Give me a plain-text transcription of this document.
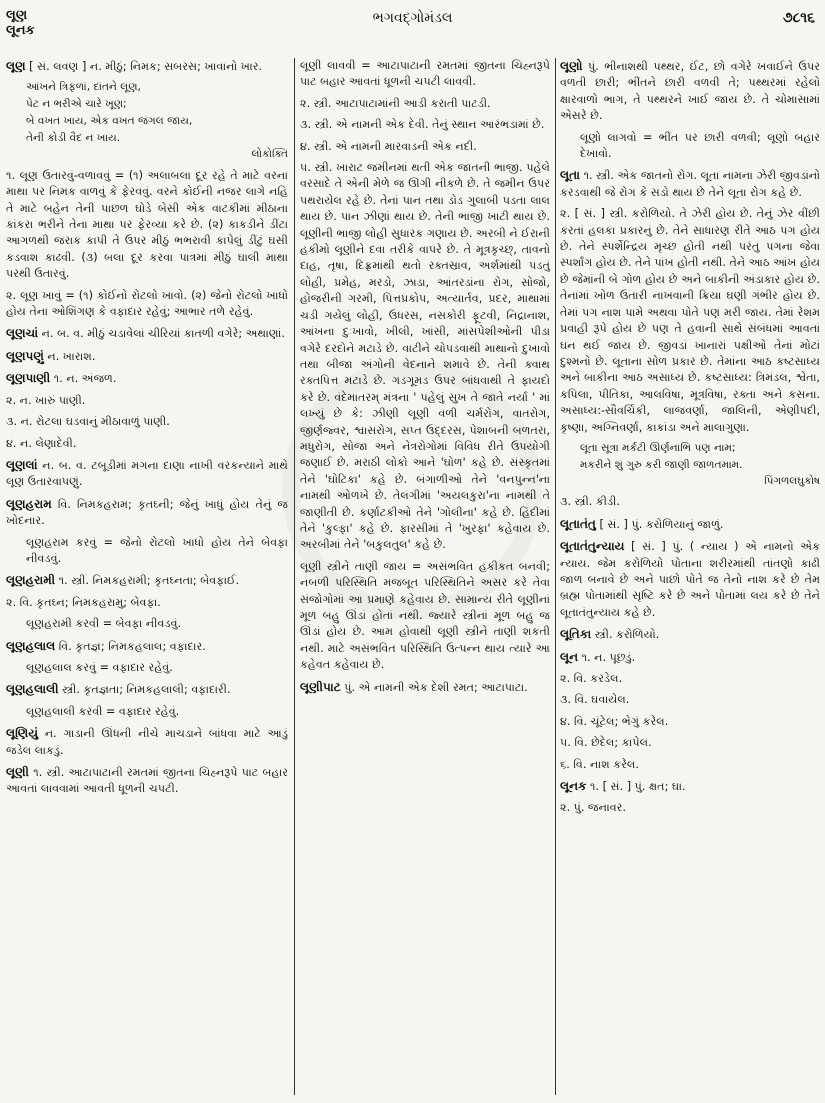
લૂણ
લૂનક
ભગવદ્ગોમંડલ	૭૮૧૬
લૂણ [ સં. લવણ ] ન. મીઠું; નિમક; સબરસ; ખાવાનો ખાર.
આંખને ત્રિફળાં, દાંતને લૂણ,
પેટ ન ભરીએ ચારે ખૂણ;
બે વખત ખાય, એક વખત જંગલ જાય,
તેની કોડી વૈદ ન ખાય.
લોકોક્તિ
૧. લૂણ ઉતારવું-વળાવવું = (૧) અલાબલા દૂર રહે તે માટે વરના માથા પર નિમક વાળવું કે ફેરવવું. વરને કોઈની નજર લાગે નહિ તે માટે બહેન તેની પાછળ ઘોડે બેસી એક વાટકીમાં મીઠાના કાંકરા ભરીને તેના માથા પર ફેરવ્યા કરે છે. (૨) કાકડીને ડીંટા આગળથી જરાક કાપી તે ઉપર મીઠું ભભરાવી કાપેલું ડીંટું ઘસી કડવાશ કાઢવી. (૩) બલા દૂર કરવા પાત્રમાં મીઠું ઘાલી માથા પરથી ઉતારવું.
૨. લૂણ ખાવું = (૧) કોઈનો રોટલો ખાવો. (૨) જેનો રોટલો ખાધો હોય તેના ઓશિંગણ કે વફાદાર રહેવું; આભાર તળે રહેવું.
લૂણચાં ન. બ. વ. મીઠું ચડાવેલાં ચીરિયાં કાતળી વગેરે; અથાણાં.
લૂણપણું ન. ખારાશ.
લૂણપાણી ૧. ન. અંજળ.
૨. ન. ખારું પાણી.
૩. ન. રોટલા ઘડવાનું મીઠાવાળું પાણી.
૪. ન. લેણાદેવી.
લૂણલાં ન. બ. વ. ટબૂડીમાં મગના દાણા નાખી વરકન્યાને માથે લૂણ ઉતારવાપણું.
લૂણહરામ વિ. નિમકહરામ; કૃતઘ્ની; જેનું ખાધું હોય તેનું જ ખોદનાર.
લૂણહરામ કરવું = જેનો રોટલો ખાધો હોય તેને બેવફા નીવડવું.
લૂણહરામી ૧. સ્ત્રી. નિમકહરામી; કૃતઘ્નતા; બેવફાઈ.
૨. વિ. કૃતઘ્ન; નિમકહરામુ; બેવફા.
લૂણહરામી કરવી = બેવફા નીવડવું.
લૂણહલાલ વિ. કૃતજ્ઞ; નિમકહલાલ; વફાદાર.
લૂણહલાલ કરવું = વફાદાર રહેવું.
લૂણહલાલી સ્ત્રી. કૃતજ્ઞતા; નિમકહલાલી; વફાદારી.
લૂણહલાલી કરવી = વફાદાર રહેવું.
લૂણિયું ન. ગાડાની ઊંધની નીચે માચડાને બાંધવા માટે આડું જડેલ લાકડું.
લૂણી ૧. સ્ત્રી. આટાપાટાની રમતમાં જીતના ચિહ્નરૂપે પાટ બહાર આવતાં લાવવામાં આવતી ધૂળની ચપટી.
લૂણી લાવવી = આટાપાટાની રમતમાં જીતના ચિહ્નરૂપે પાટ બહાર આવતાં ધૂળની ચપટી લાવવી.
૨. સ્ત્રી. આટાપાટામાંની આડી કરાતી પાટડી.
૩. સ્ત્રી. એ નામની એક દેવી. તેનું સ્થાન આરંભડામાં છે.
૪. સ્ત્રી. એ નામની મારવાડની એક નદી.
૫. સ્ત્રી. ખારાટ જમીનમાં થતી એક જાતની ભાજી. પહેલે વરસાદે તે એની મેળે જ ઊગી નીકળે છે. તે જમીન ઉપર પથરાયેલ રહે છે. તેનાં પાન તથા ડોડ ગુલાબી પડતા લાલ થાય છે. પાન ઝીણાં થાય છે. તેની ભાજી ખાટી થાય છે. લૂણીની ભાજી લોહી સુધારક ગણાય છે. અરબી ને ઈરાની હકીમો લૂણીને દવા તરીકે વાપરે છે. તે મૂત્રકૃચ્છ્, તાવનો દાહ, તૃષા, દિફ્રમાંથી થતો રક્તસ્રાવ, અર્શમાંથી પડતું લોહી, પ્રમેહ, મરડો, ઝાડા, આંતરડાંના રોગ, સોજો, હોજરીની ગરમી, પિત્તપ્રકોપ, અત્યાર્તવ, પ્રદર, માથામાં ચડી ગયેલું લોહી, ઉધરસ, નસકોરી ફૂટવી, નિદ્રાનાશ, આંખના દુઃખાવો, ખીલી, ખાંસી, માંસપેશીઓની પીડા વગેરે દરદોને મટાડે છે. વાટીને ચોપડવાથી માથાનો દુખાવો તથા બીજા અંગોની વેદનાને શમાવે છે. તેની ક્વાથ રક્તપિત્ત મટાડે છે. ગડગૂમડ ઉપર બાંધવાથી તે ફાયદો કરે છે. વંદેમાતરમ્ મંત્રના ' પહેલું સુખ તે જાતે નર્યા ' માં લખ્યું છે કે: ઝીણી લૂણી વળી ચર્મરોગ, વાતરોગ, જીર્ણજ્વર, શ્વાસરોગ, સપ્ત ઉદ્દરસ, પેશાબની બળતરા, મધુરોગ, સોજા અને નેત્રરોગોમાં વિવિધ રીતે ઉપયોગી જણાઈ છે. મરાઠી લોકો આને 'ઘોળ' કહે છે. સંસ્કૃતમાં તેને 'ઘોટિકા' કહે છે. બંગાળીઓ તેને 'વનપુન્ન'ના નામથી ઓળખે છે. તેલંગીમાં 'અયલકુરા'ના નામથી તે જાણીતી છે. કર્ણાટકીઓ તેને 'ગોલીના' કહે છે. હિંદીમાં તેને 'કુલ્ફા' કહે છે. ફારસીમાં તે 'ખુરફા' કહેવાય છે. અરબીમાં તેને 'બકુલતુલ' કહે છે.
લૂણી સ્ત્રીને તાણી જાય = અસંભવિત હકીકત બનવી; નબળી પરિસ્થિતિ મજબૂત પરિસ્થિતિને અસર કરે તેવા સંજોગોમાં આ પ્રમાણે કહેવાય છે. સામાન્ય રીતે લૂણીનાં મૂળ બહુ ઊંડાં હોતાં નથી. જ્યારે સ્ત્રીનાં મૂળ બહુ જ ઊંડાં હોય છે. આમ હોવાથી લૂણી સ્ત્રીને તાણી શકતી નથી. માટે અસંભવિત પરિસ્થિતિ ઉત્પન્ન થાય ત્યારે આ કહેવત કહેવાય છે.
લૂણીપાટ પું. એ નામની એક દેશી રમત; આટાપાટા.
લૂણો પું. ભીનાશથી પથ્થર, ઈંટ, છો વગેરે ખવાઈને ઉપર વળતી છારી; ભીંતને છારી વળવી તે; પથ્થરમાં રહેલો ક્ષારવાળો ભાગ, તે પથ્થરને ખાઈ જાય છે. તે ચોમાસામાં એસરે છે.
લૂણો લાગવો = ભીંત પર છારી વળવી; લૂણો બહાર દેખાવો.
લૂતા ૧. સ્ત્રી. એક જાતનો રોગ. લૂતા નામના ઝેરી જીવડાંનો કરડવાથી જે રોગ કે સડો થાય છે તેને લૂતા રોગ કહે છે.
૨. [ સં. ] સ્ત્રી. કરોળિયો. તે ઝેરી હોય છે. તેનું ઝેર વીંછી કરતાં હલકા પ્રકારનું છે. તેને સાધારણ રીતે આઠ પગ હોય છે. તેને સ્પર્શેન્દ્રિય મૃચ્છ હોતી નથી પરંતુ પગના જેવા સ્પર્શાંગ હોય છે. તેને પાંખ હોતી નથી. તેને આઠ આંખ હોય છે જેમાંની બે ગોળ હોય છે અને બાકીની અંડાકાર હોય છે. તેનામાં ખોળ ઉતારી નાખવાની ક્રિયા ઘણી ગંભીર હોય છે. તેમાં પગ નાશ પામે અથવા પોતે પણ મરી જાય. તેમાં રેશમ પ્રવાહી રૂપે હોય છે પણ તે હવાની સાથે સંબંધમાં આવતાં ઘન થઈ જાય છે. જીવડાં ખાનારાં પક્ષીઓ તેનાં મોટાં દુશ્મનો છે. લૂતાના સોળ પ્રકાર છે. તેમાંના આઠ કષ્ટસાધ્ય અને બાકીના આઠ અસાધ્ય છે. કષ્ટસાધ્ય: ત્રિમંડલ, શ્વેતા, કપિલા, પીતિકા, આલવિષા, મૂત્રવિષા, રક્તા અને કસના. અસાધ્ય:-સૌવર્ચિકી, લાજવર્ણા, જાલિની, એણીપદી, કૃષ્ણા, અગ્નિવર્ણા, કાકાંડા અને માલાગુણા.
લૂતા સૂત્રા મર્કટી ઊર્ણનાભિ પણ નામ;
મકરીને શું ગુરુ કરી જાણી જાળતમામ.
પિંગળલઘુકોષ
૩. સ્ત્રી. કીડી.
લૂતાતંતુ [ સં. ] પું. કરોળિયાનું જાળું.
લૂતાતંતુન્યાય [ સં. ] પું. ( ન્યાય ) એ નામનો એક ન્યાય. જેમ કરોળિયો પોતાના શરીરમાંથી તાંતણો કાઢી જાળ બનાવે છે અને પાછો પોતે જ તેનો નાશ કરે છે તેમ બ્રહ્મ પોતામાંથી સૃષ્ટિ કરે છે અને પોતામાં લય કરે છે તેને લૂતાતંતુન્યાય કહે છે.
લૂતિકા સ્ત્રી. કરોળિયો.
લૂન ૧. ન. પૂછડું.
૨. વિ. કરડેલ.
૩. વિ. ઘવાયેલ.
૪. વિ. ચૂંટેલ; ભેગું કરેલ.
૫. વિ. છેદેલ; કાપેલ.
૬. વિ. નાશ કરેલ.
લૂનક ૧. [ સં. ] પું. ક્ષત; ઘા.
૨. પું. જનાવર.
